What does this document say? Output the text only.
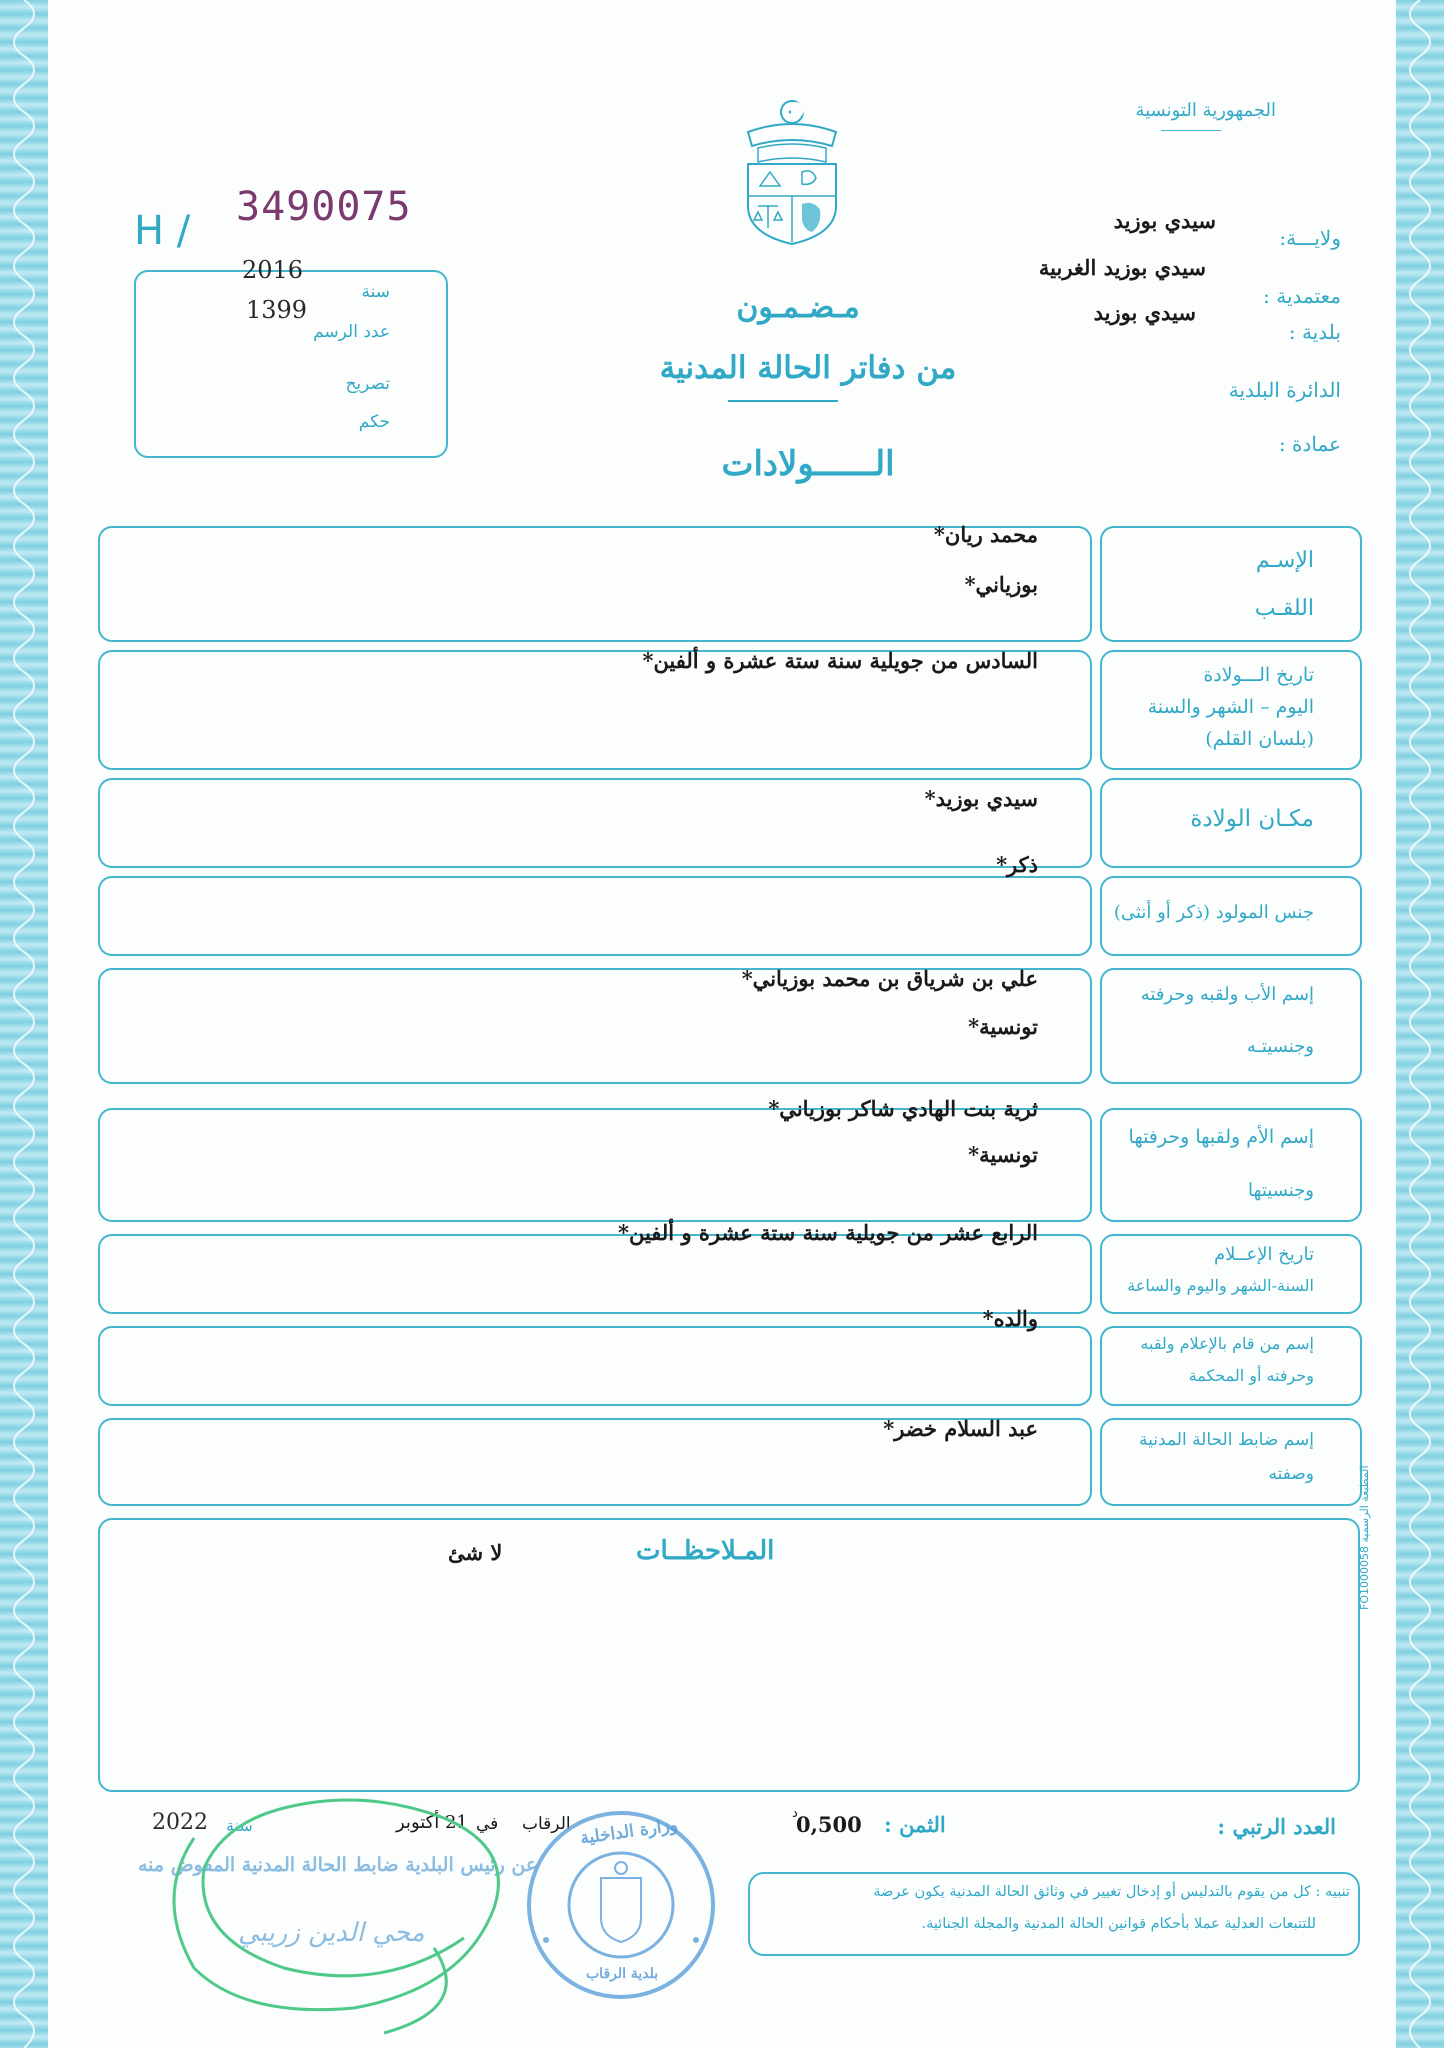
الجمهورية التونسية
ولايـــة:
سيدي بوزيد
سيدي بوزيد الغربية
معتمدية :
سيدي بوزيد
بلدية :
الدائرة البلدية
عمادة :
H /
3490075
2016
1399
سنة
عدد الرسم
تصريح
حكم
مـضـمـون
من دفاتر الحالة المدنية
الــــــولادات
الإسـم
اللقـب
محمد ريان*
بوزياني*
تاريخ الـــولادة
اليوم – الشهر والسنة
(بلسان القلم)
السادس من جويلية سنة ستة عشرة و ألفين*
مكـان الولادة
سيدي بوزيد*
جنس المولود (ذكر أو أنثى)
ذكر*
إسم الأب ولقبه وحرفته
وجنسيتـه
علي بن شرياق بن محمد بوزياني*
تونسية*
إسم الأم ولقبها وحرفتها
وجنسيتها
ثرية بنت الهادي شاكر بوزياني*
تونسية*
تاريخ الإعــلام
السنة-الشهر واليوم والساعة
الرابع عشر من جويلية سنة ستة عشرة و ألفين*
إسم من قام بالإعلام ولقبه
وحرفته أو المحكمة
والده*
إسم ضابط الحالة المدنية
وصفته
عبد السلام خضر*
المـلاحظــات
لا شئ	المطبعة الرسمية FO1000058
العدد الرتبي :
الثمن :
0,500
د
الرقاب
في
21 أكتوبر
سنة
2022
عن رئيس البلدية ضابط الحالة المدنية المفوض منه
محي الدين زريبي
وزارة الداخلية
بلدية الرقاب
تنبيه : كل من يقوم بالتدليس أو إدخال تغيير في وثائق الحالة المدنية يكون عرضة
للتتبعات العدلية عملا بأحكام قوانين الحالة المدنية والمجلة الجنائية.
